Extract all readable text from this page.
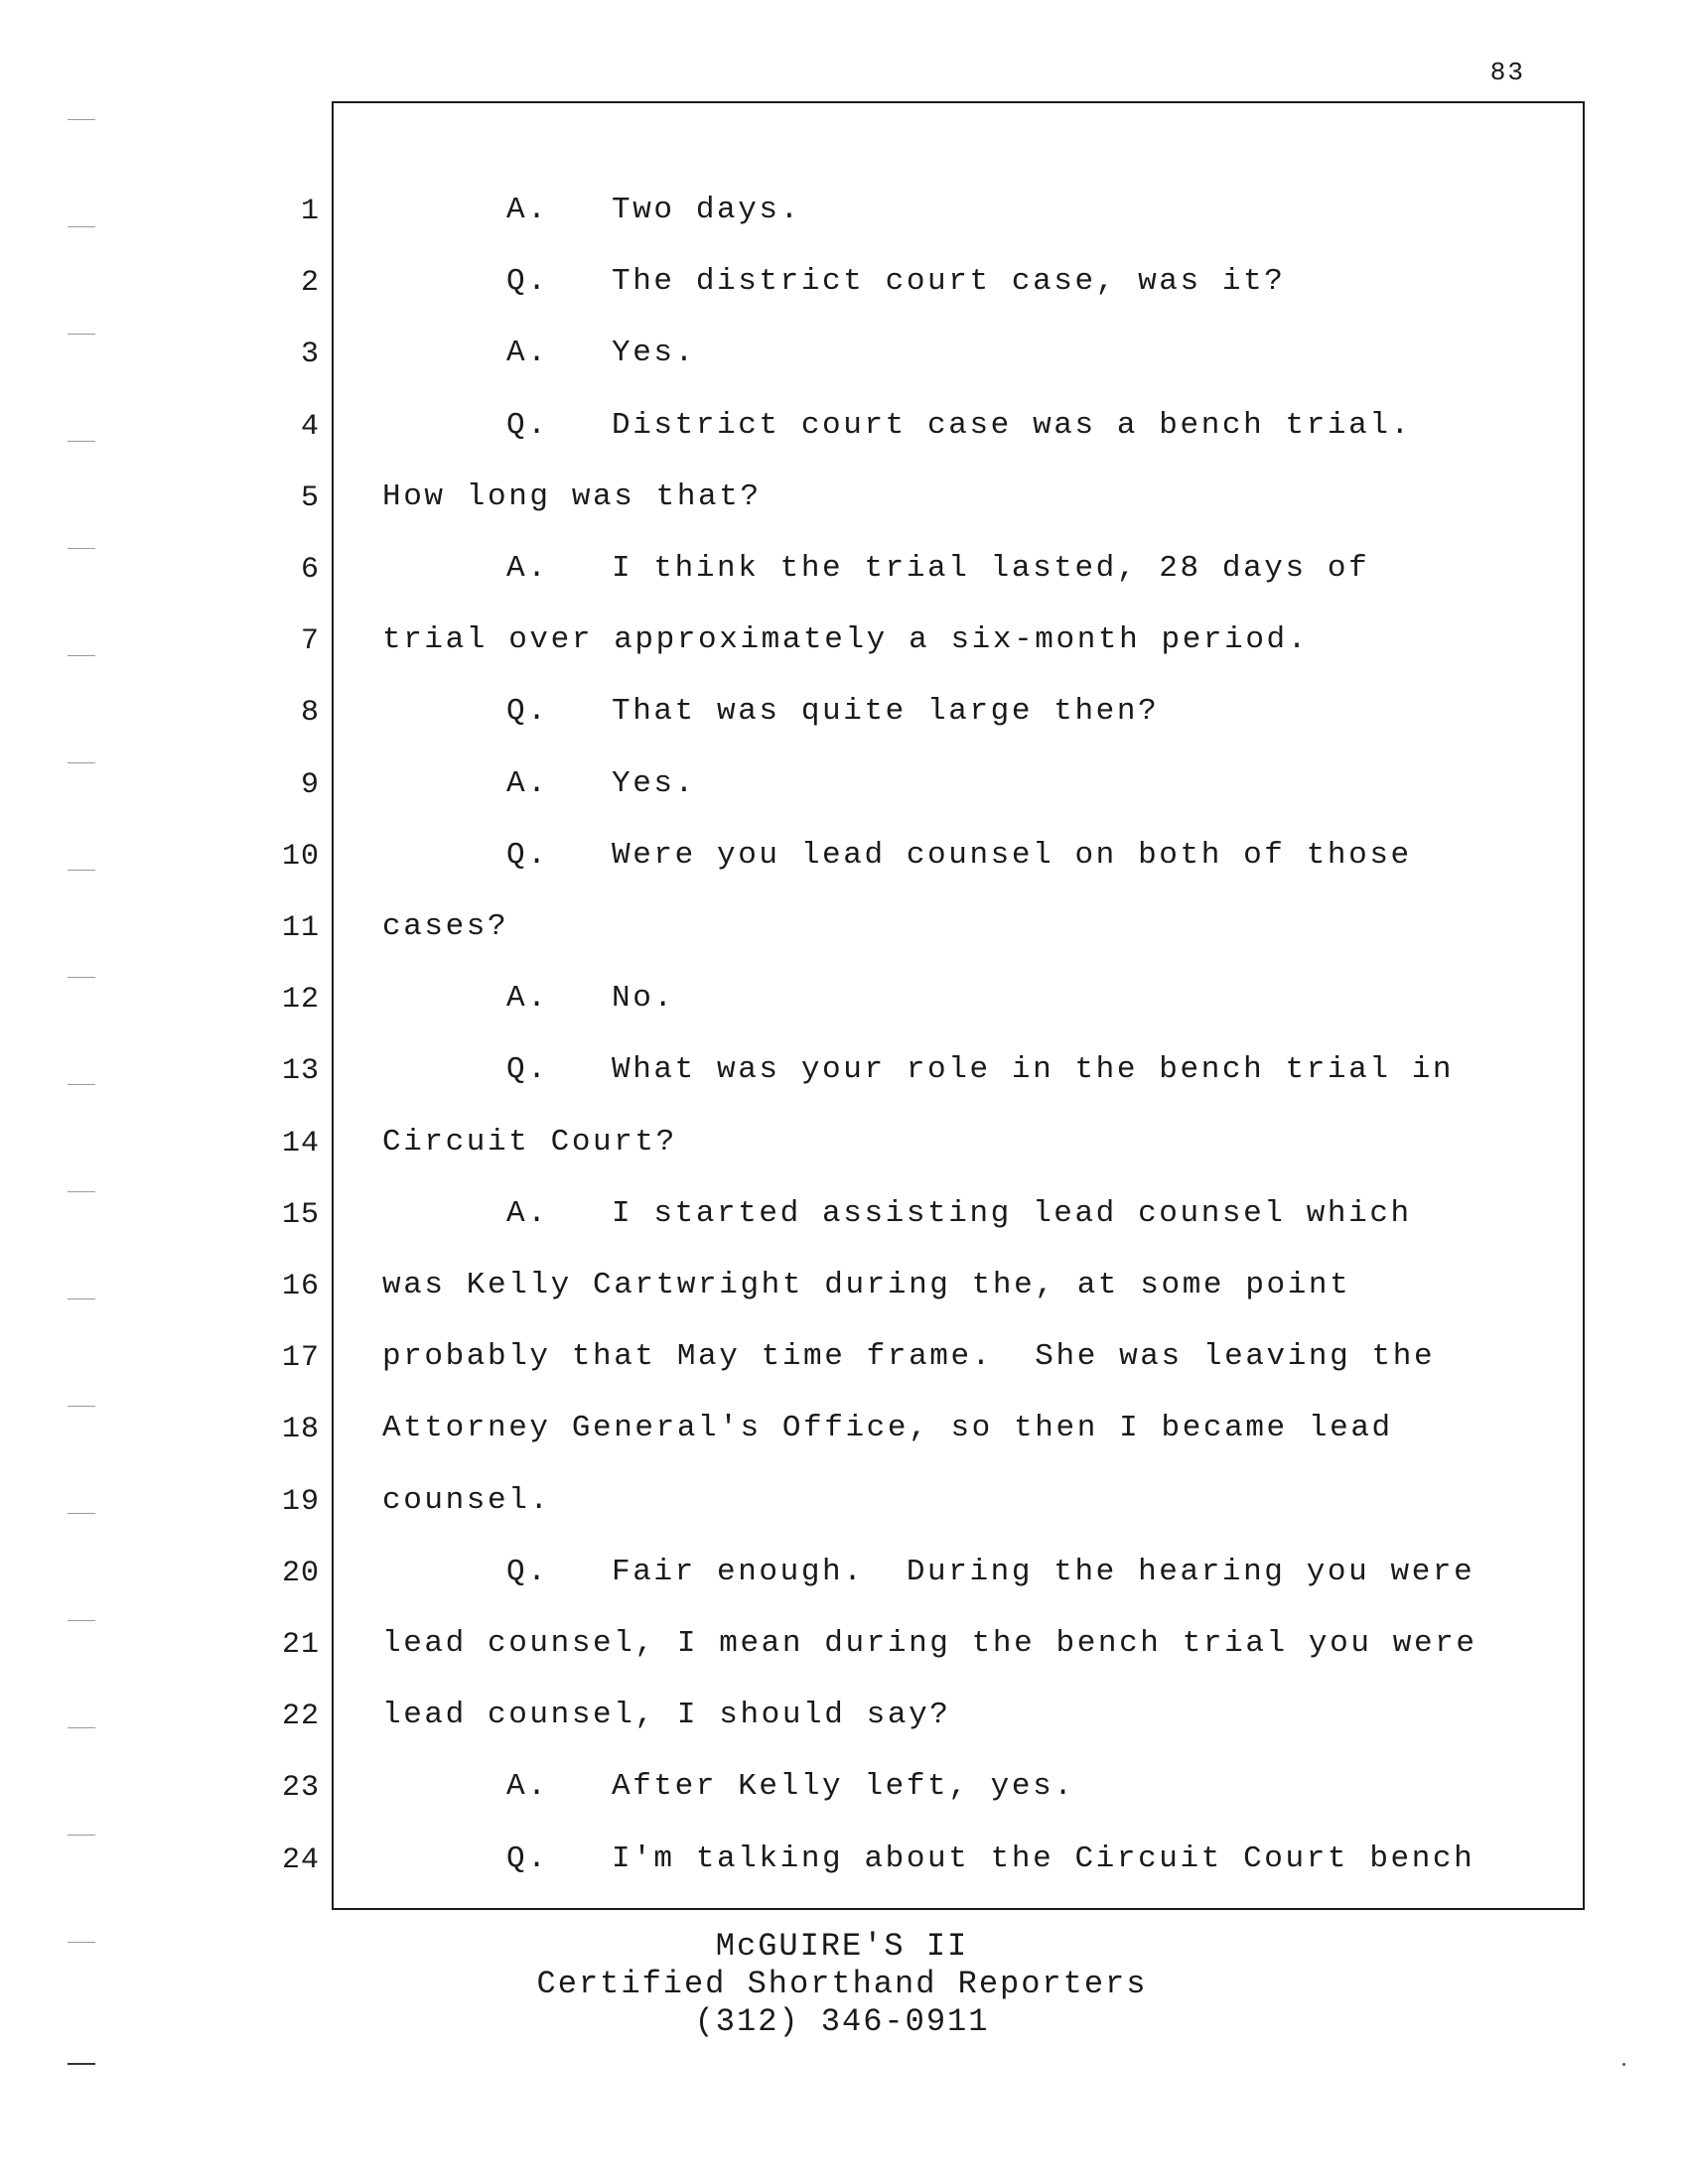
83
1	A. Two days.
2	Q. The district court case, was it?
3	A. Yes.
4	Q. District court case was a bench trial.
5 How long was that?
6	A. I think the trial lasted, 28 days of
7 trial over approximately a six-month period.
8	Q. That was quite large then?
9	A. Yes.
10	Q. Were you lead counsel on both of those
11 cases?
12	A. No.
13	Q. What was your role in the bench trial in
14 Circuit Court?
15	A. I started assisting lead counsel which
16 was Kelly Cartwright during the, at some point
17 probably that May time frame.  She was leaving the
18 Attorney General's Office, so then I became lead
19 counsel.
20	Q. Fair enough.  During the hearing you were
21 lead counsel, I mean during the bench trial you were
22 lead counsel, I should say?
23	A. After Kelly left, yes.
24	Q. I'm talking about the Circuit Court bench
McGUIRE'S II
Certified Shorthand Reporters
(312) 346-0911
